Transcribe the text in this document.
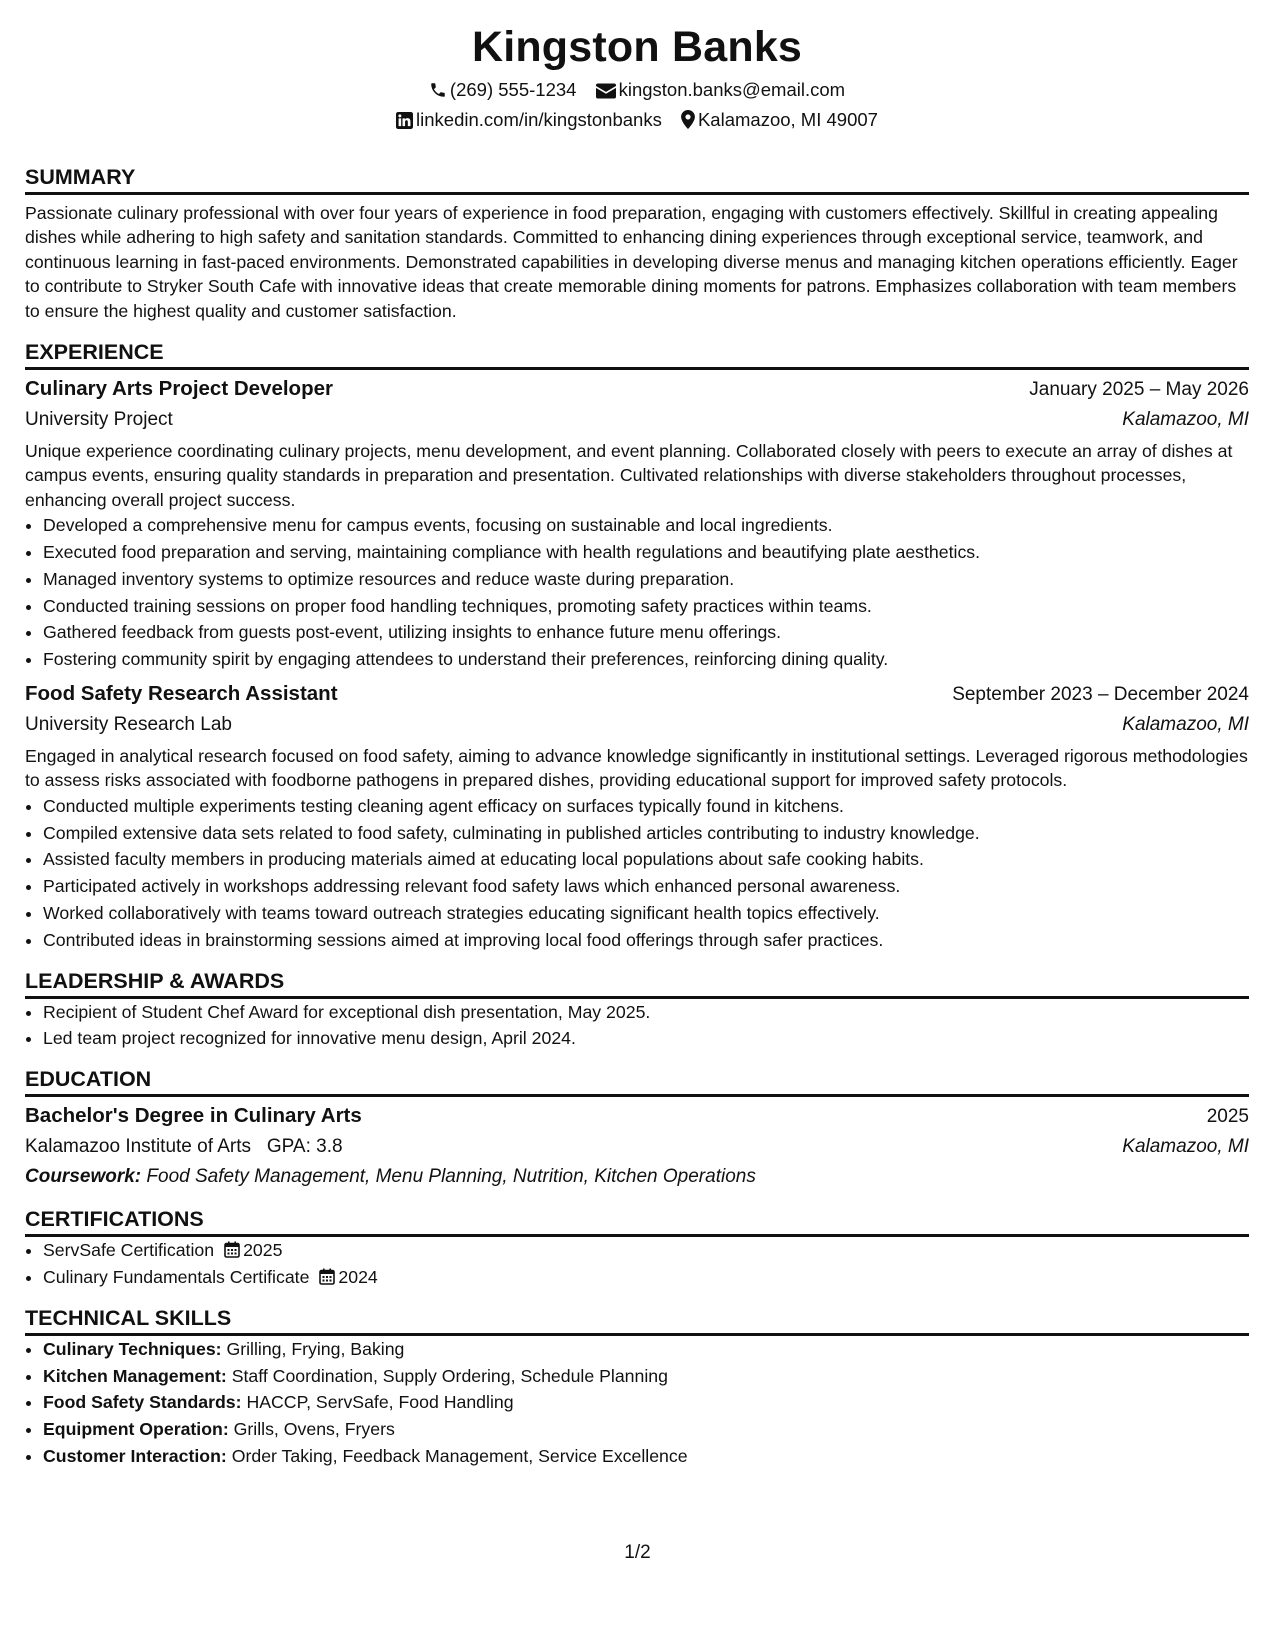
Kingston Banks
(269) 555-1234 kingston.banks@email.com
linkedin.com/in/kingstonbanks Kalamazoo, MI 49007
SUMMARY
Passionate culinary professional with over four years of experience in food preparation, engaging with customers effectively. Skillful in creating appealing dishes while adhering to high safety and sanitation standards. Committed to enhancing dining experiences through exceptional service, teamwork, and continuous learning in fast-paced environments. Demonstrated capabilities in developing diverse menus and managing kitchen operations efficiently. Eager to contribute to Stryker South Cafe with innovative ideas that create memorable dining moments for patrons. Emphasizes collaboration with team members to ensure the highest quality and customer satisfaction.
EXPERIENCE
Culinary Arts Project Developer	January 2025 – May 2026
University Project	Kalamazoo, MI
Unique experience coordinating culinary projects, menu development, and event planning. Collaborated closely with peers to execute an array of dishes at campus events, ensuring quality standards in preparation and presentation. Cultivated relationships with diverse stakeholders throughout processes, enhancing overall project success.
• Developed a comprehensive menu for campus events, focusing on sustainable and local ingredients.
• Executed food preparation and serving, maintaining compliance with health regulations and beautifying plate aesthetics.
• Managed inventory systems to optimize resources and reduce waste during preparation.
• Conducted training sessions on proper food handling techniques, promoting safety practices within teams.
• Gathered feedback from guests post-event, utilizing insights to enhance future menu offerings.
• Fostering community spirit by engaging attendees to understand their preferences, reinforcing dining quality.
Food Safety Research Assistant	September 2023 – December 2024
University Research Lab	Kalamazoo, MI
Engaged in analytical research focused on food safety, aiming to advance knowledge significantly in institutional settings. Leveraged rigorous methodologies to assess risks associated with foodborne pathogens in prepared dishes, providing educational support for improved safety protocols.
• Conducted multiple experiments testing cleaning agent efficacy on surfaces typically found in kitchens.
• Compiled extensive data sets related to food safety, culminating in published articles contributing to industry knowledge.
• Assisted faculty members in producing materials aimed at educating local populations about safe cooking habits.
• Participated actively in workshops addressing relevant food safety laws which enhanced personal awareness.
• Worked collaboratively with teams toward outreach strategies educating significant health topics effectively.
• Contributed ideas in brainstorming sessions aimed at improving local food offerings through safer practices.
LEADERSHIP & AWARDS
• Recipient of Student Chef Award for exceptional dish presentation, May 2025.
• Led team project recognized for innovative menu design, April 2024.
EDUCATION
Bachelor's Degree in Culinary Arts	2025
Kalamazoo Institute of Arts GPA: 3.8	Kalamazoo, MI
Coursework: Food Safety Management, Menu Planning, Nutrition, Kitchen Operations
CERTIFICATIONS
• ServSafe Certification 2025
• Culinary Fundamentals Certificate 2024
TECHNICAL SKILLS
• Culinary Techniques: Grilling, Frying, Baking
• Kitchen Management: Staff Coordination, Supply Ordering, Schedule Planning
• Food Safety Standards: HACCP, ServSafe, Food Handling
• Equipment Operation: Grills, Ovens, Fryers
• Customer Interaction: Order Taking, Feedback Management, Service Excellence
1/2
